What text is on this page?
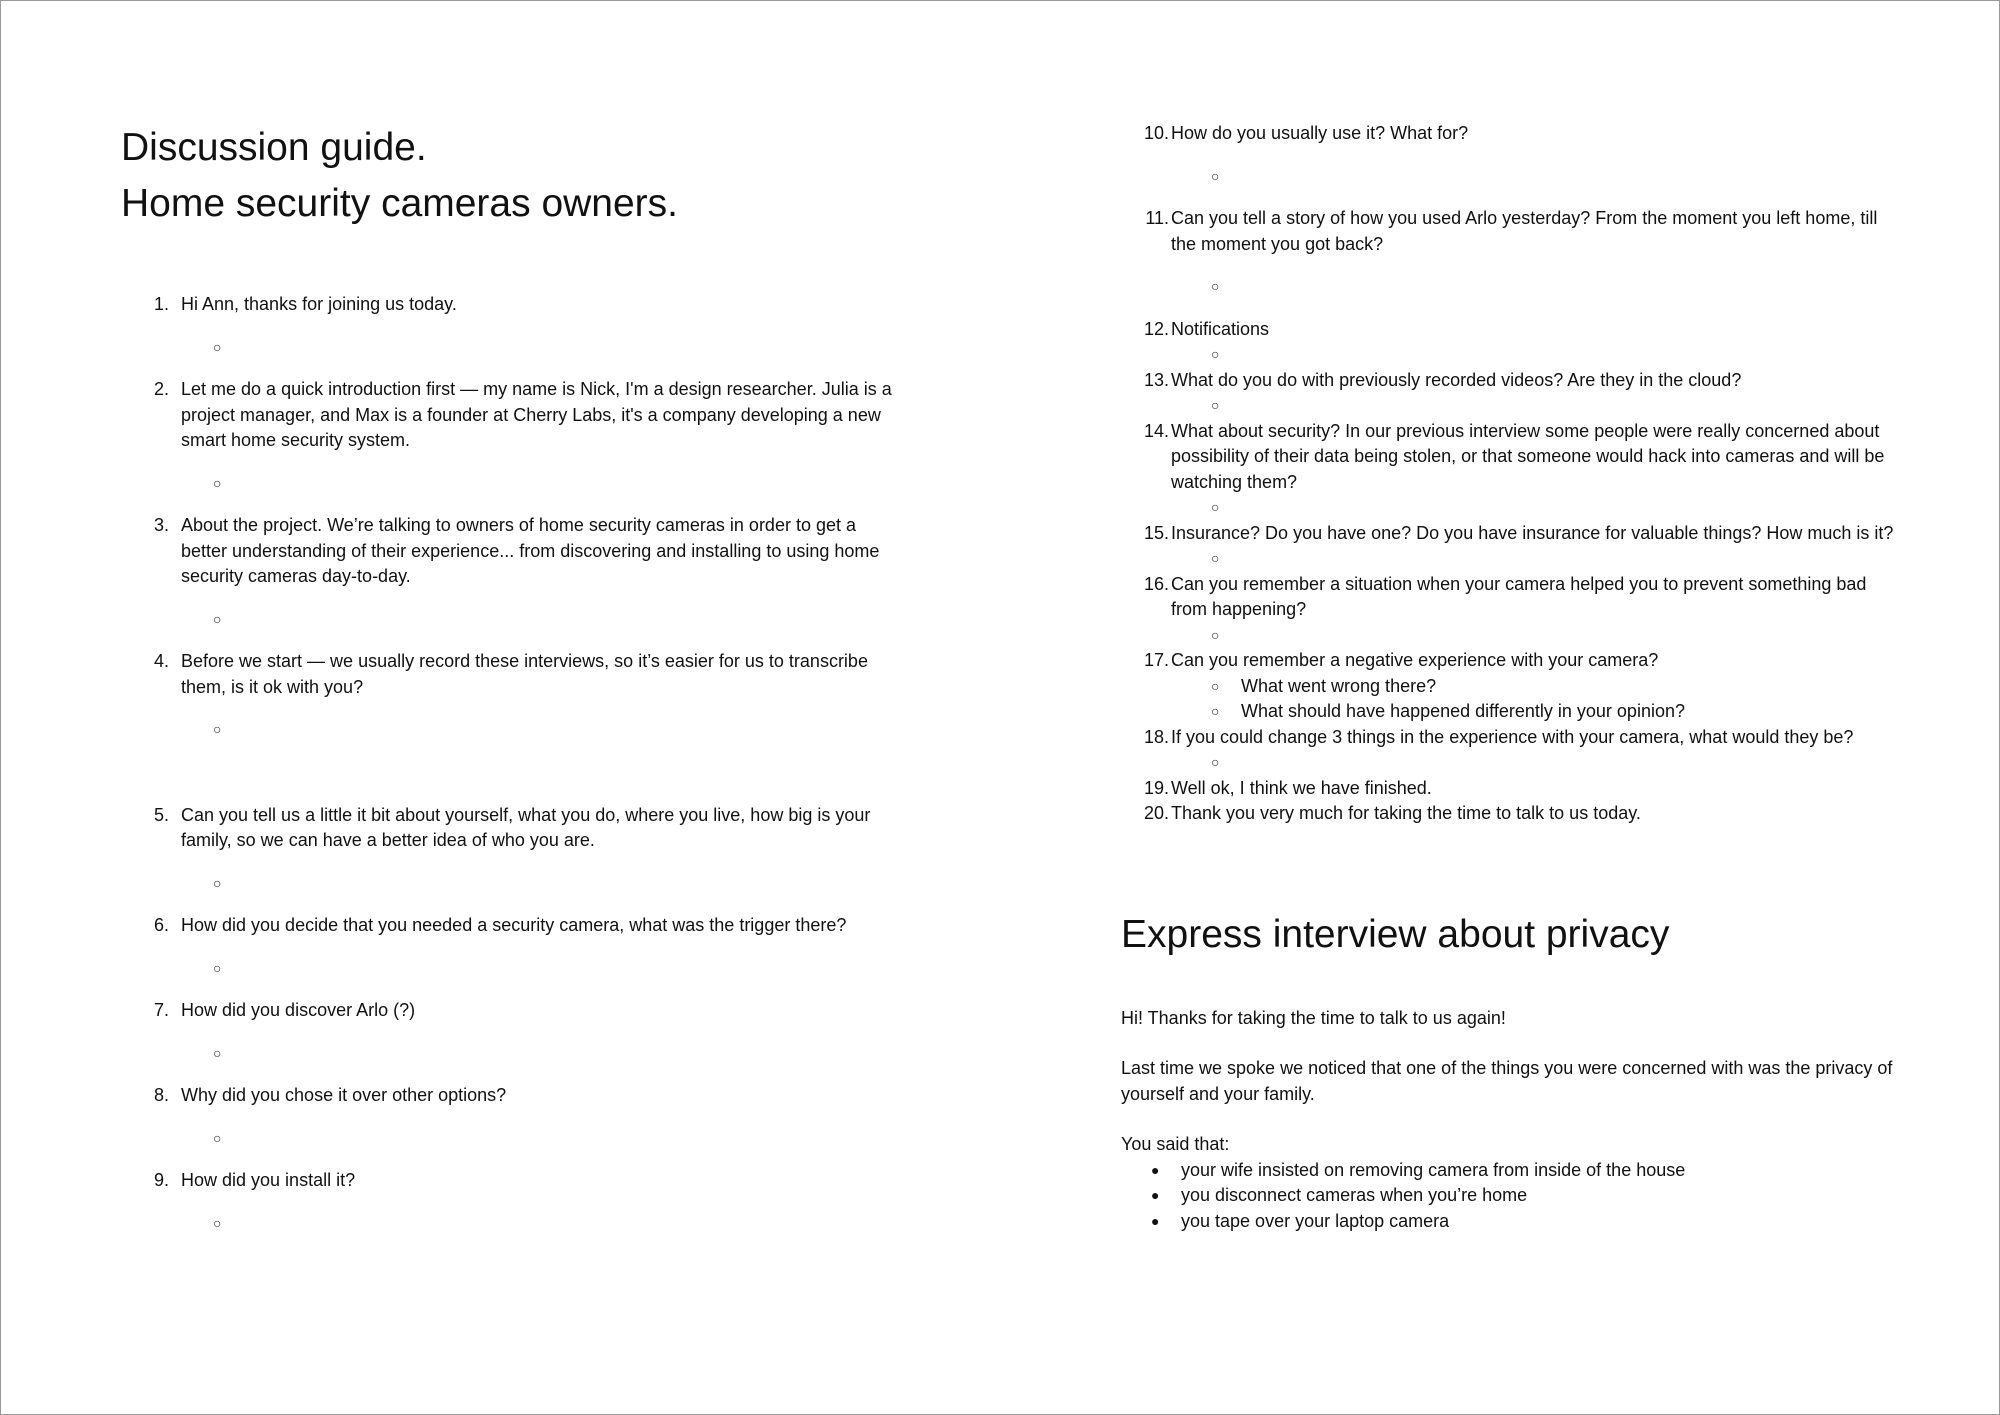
Discussion guide.
Home security cameras owners.
1. Hi Ann, thanks for joining us today.
○
2. Let me do a quick introduction first — my name is Nick, I'm a design researcher. Julia is a project manager, and Max is a founder at Cherry Labs, it's a company developing a new smart home security system.
○
3. About the project. We’re talking to owners of home security cameras in order to get a better understanding of their experience... from discovering and installing to using home security cameras day-to-day.
○
4. Before we start — we usually record these interviews, so it’s easier for us to transcribe them, is it ok with you?
○
5. Can you tell us a little it bit about yourself, what you do, where you live, how big is your family, so we can have a better idea of who you are.
○
6. How did you decide that you needed a security camera, what was the trigger there?
○
7. How did you discover Arlo (?)
○
8. Why did you chose it over other options?
○
9. How did you install it?
○
10. How do you usually use it? What for?
○
11. Can you tell a story of how you used Arlo yesterday? From the moment you left home, till the moment you got back?
○
12. Notifications
○
13. What do you do with previously recorded videos? Are they in the cloud?
○
14. What about security? In our previous interview some people were really concerned about possibility of their data being stolen, or that someone would hack into cameras and will be watching them?
○
15. Insurance? Do you have one? Do you have insurance for valuable things? How much is it?
○
16. Can you remember a situation when your camera helped you to prevent something bad from happening?
○
17. Can you remember a negative experience with your camera?
○	What went wrong there?
○	What should have happened differently in your opinion?
18. If you could change 3 things in the experience with your camera, what would they be?
○
19. Well ok, I think we have finished.
20. Thank you very much for taking the time to talk to us today.
Express interview about privacy

Hi! Thanks for taking the time to talk to us again!

Last time we spoke we noticed that one of the things you were concerned with was the privacy of yourself and your family.

You said that:

●	your wife insisted on removing camera from inside of the house
●	you disconnect cameras when you’re home
●	you tape over your laptop camera
